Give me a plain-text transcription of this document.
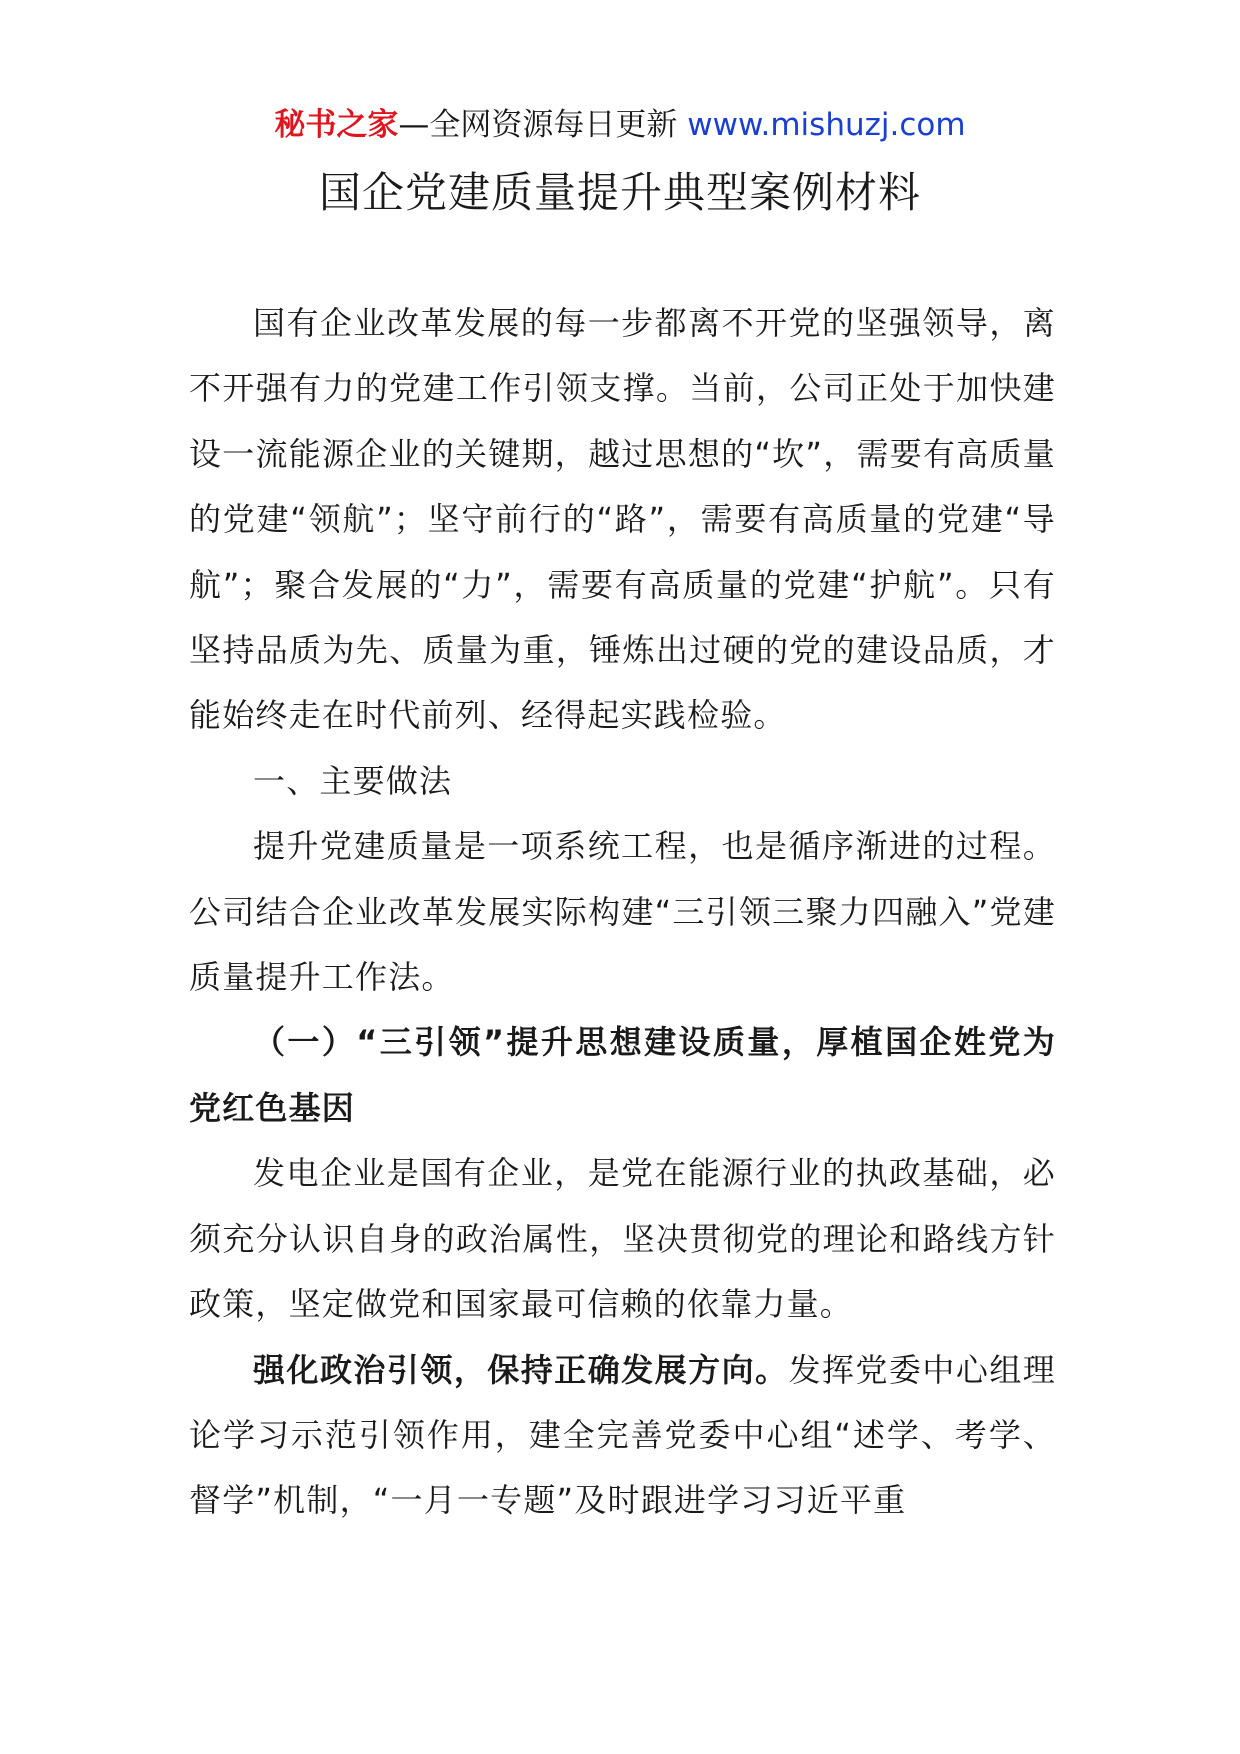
秘书之家—全网资源每日更新 www.mishuzj.com
国企党建质量提升典型案例材料

国有企业改革发展的每一步都离不开党的坚强领导，离不开强有力的党建工作引领支撑。当前，公司正处于加快建设一流能源企业的关键期，越过思想的“坎”，需要有高质量的党建“领航”；坚守前行的“路”，需要有高质量的党建“导航”；聚合发展的“力”，需要有高质量的党建“护航”。只有坚持品质为先、质量为重，锤炼出过硬的党的建设品质，才能始终走在时代前列、经得起实践检验。

一、主要做法

提升党建质量是一项系统工程，也是循序渐进的过程。公司结合企业改革发展实际构建“三引领三聚力四融入”党建质量提升工作法。

（一）“三引领”提升思想建设质量，厚植国企姓党为党红色基因

发电企业是国有企业，是党在能源行业的执政基础，必须充分认识自身的政治属性，坚决贯彻党的理论和路线方针政策，坚定做党和国家最可信赖的依靠力量。

强化政治引领，保持正确发展方向。发挥党委中心组理论学习示范引领作用，建全完善党委中心组“述学、考学、督学”机制，“一月一专题”及时跟进学习习近平重
